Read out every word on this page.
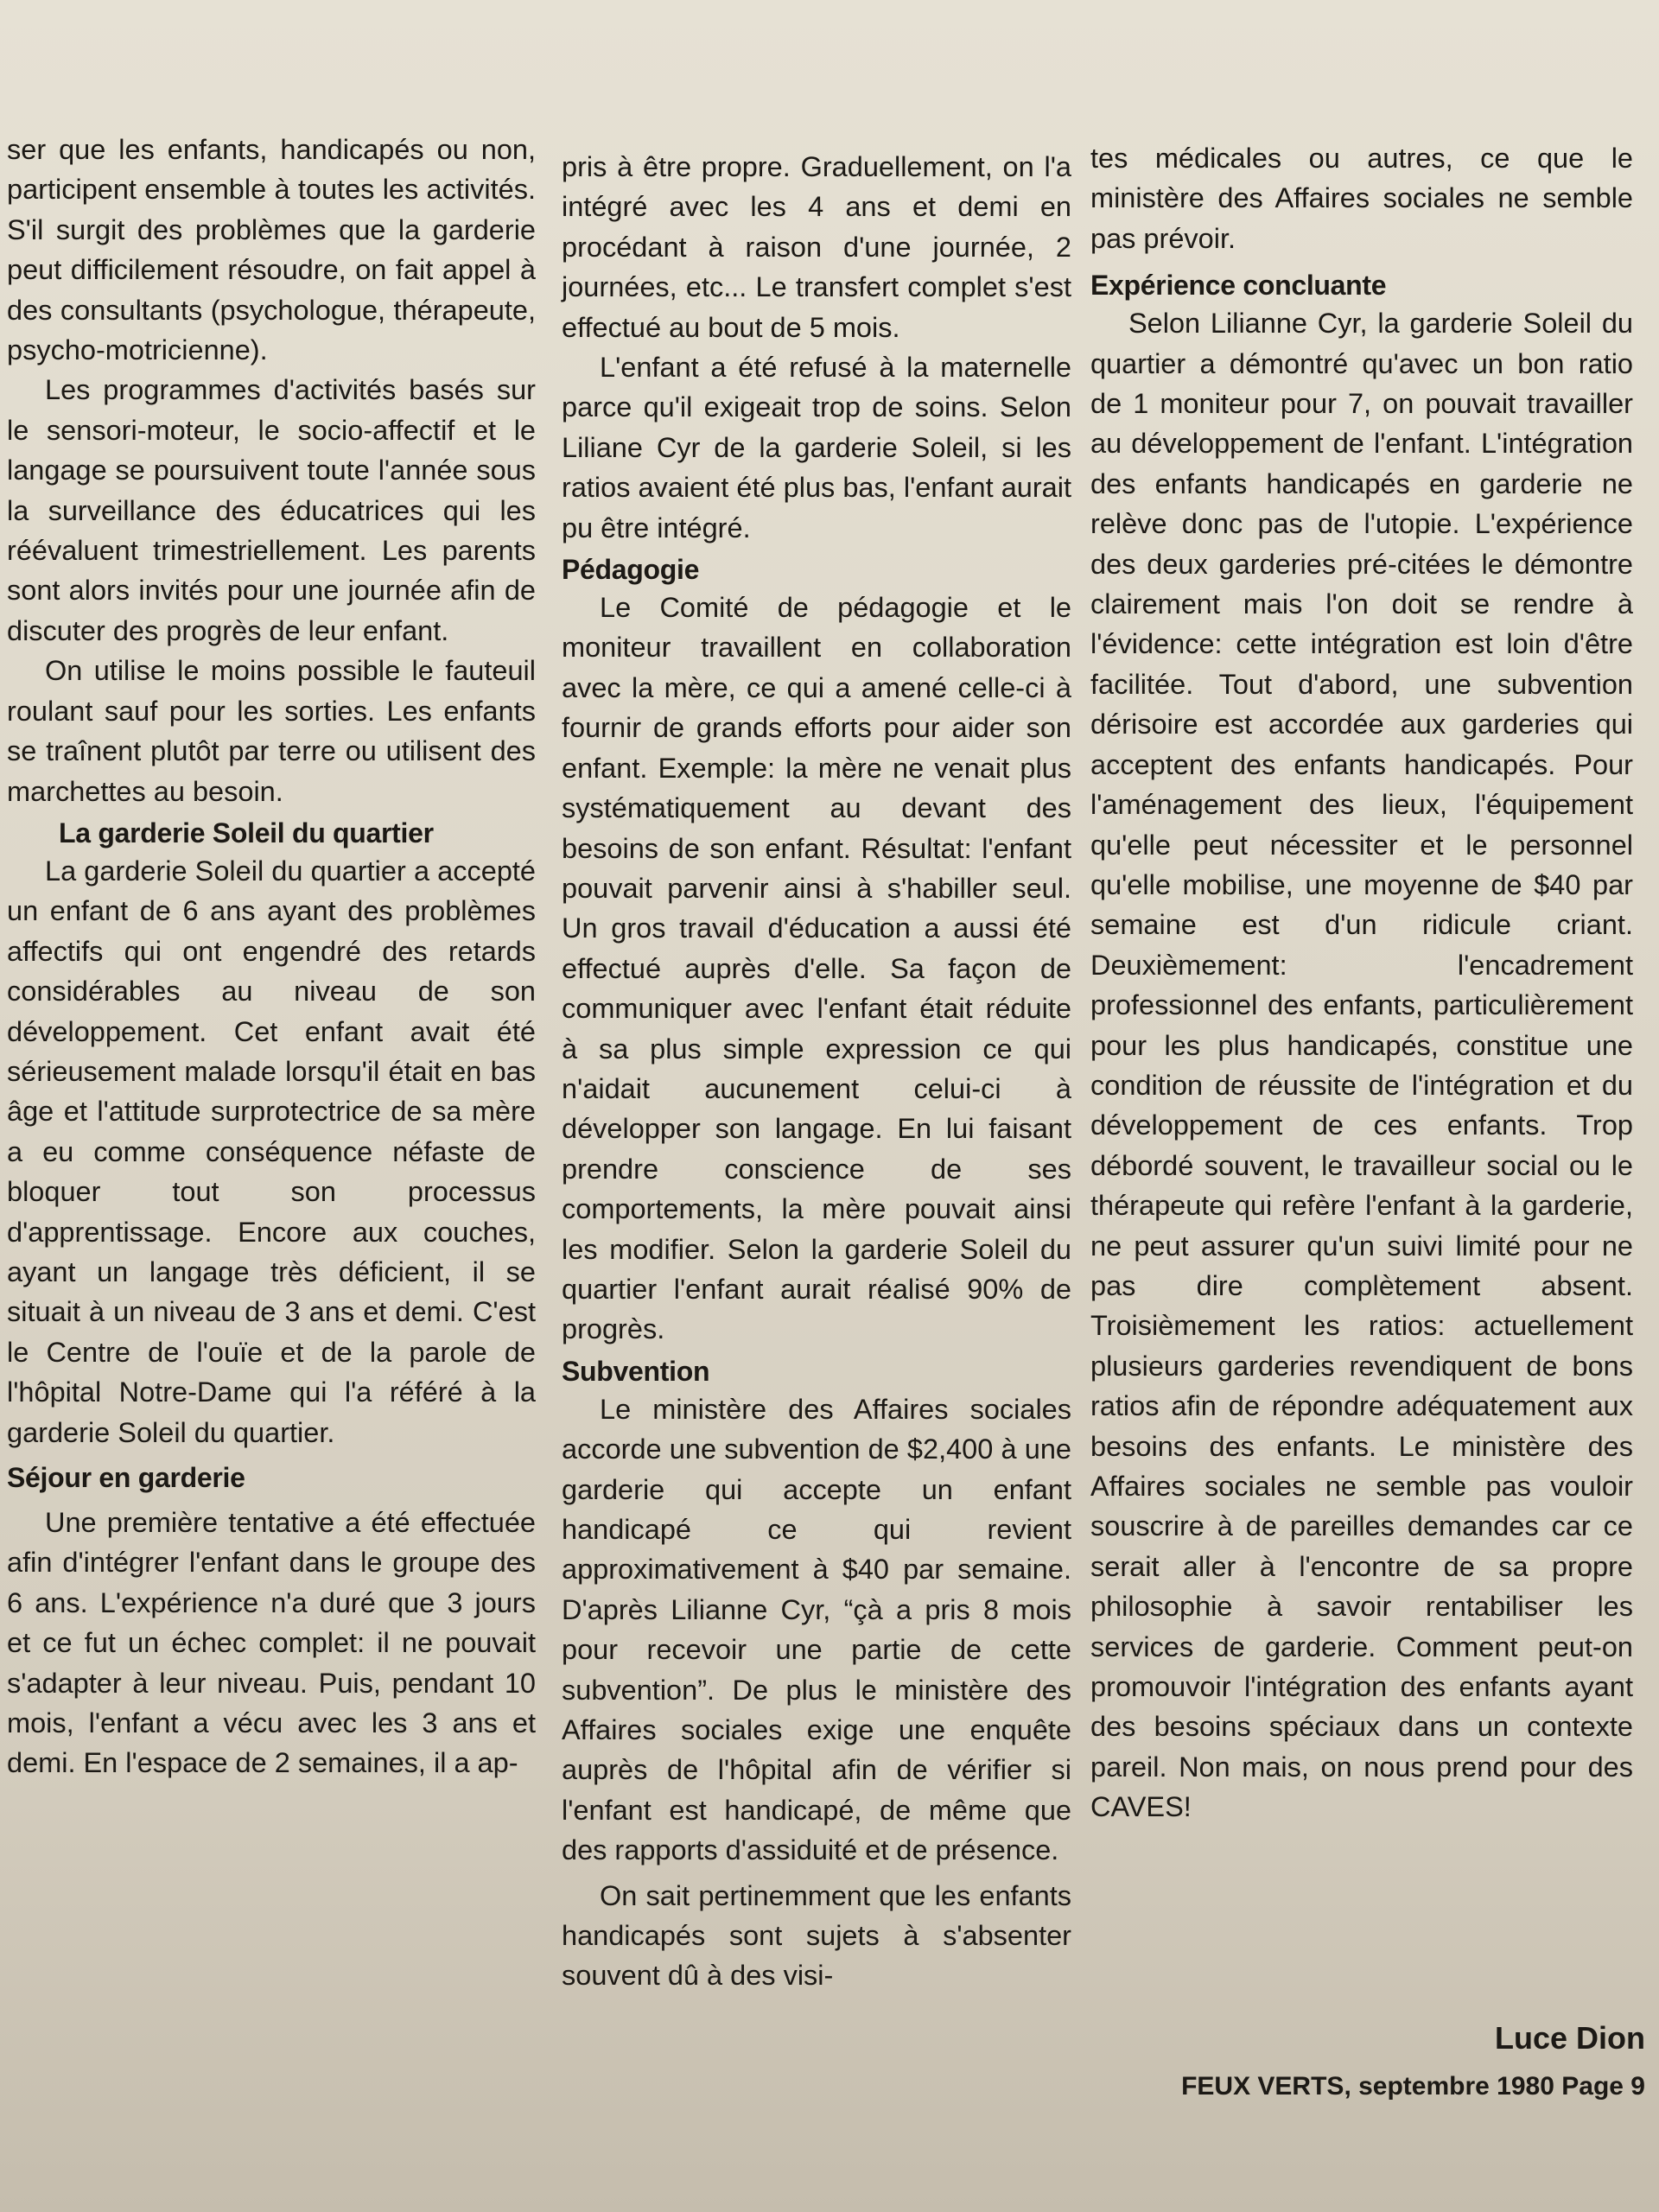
ser que les enfants, handicapés ou non, participent ensemble à toutes les activités. S'il surgit des problèmes que la garderie peut difficilement résoudre, on fait appel à des consultants (psychologue, thérapeute, psycho-motricienne).

Les programmes d'activités basés sur le sensori-moteur, le socio-affectif et le langage se poursuivent toute l'année sous la surveillance des éducatrices qui les réévaluent trimestriellement. Les parents sont alors invités pour une journée afin de discuter des progrès de leur enfant.

On utilise le moins possible le fauteuil roulant sauf pour les sorties. Les enfants se traînent plutôt par terre ou utilisent des marchettes au besoin.

La garderie Soleil du quartier

La garderie Soleil du quartier a accepté un enfant de 6 ans ayant des problèmes affectifs qui ont engendré des retards considérables au niveau de son développement. Cet enfant avait été sérieusement malade lorsqu'il était en bas âge et l'attitude surprotectrice de sa mère a eu comme conséquence néfaste de bloquer tout son processus d'apprentissage. Encore aux couches, ayant un langage très déficient, il se situait à un niveau de 3 ans et demi. C'est le Centre de l'ouïe et de la parole de l'hôpital Notre-Dame qui l'a référé à la garderie Soleil du quartier.

Séjour en garderie

Une première tentative a été effectuée afin d'intégrer l'enfant dans le groupe des 6 ans. L'expérience n'a duré que 3 jours et ce fut un échec complet: il ne pouvait s'adapter à leur niveau. Puis, pendant 10 mois, l'enfant a vécu avec les 3 ans et demi. En l'espace de 2 semaines, il a ap-

pris à être propre. Graduellement, on l'a intégré avec les 4 ans et demi en procédant à raison d'une journée, 2 journées, etc... Le transfert complet s'est effectué au bout de 5 mois.

L'enfant a été refusé à la maternelle parce qu'il exigeait trop de soins. Selon Liliane Cyr de la garderie Soleil, si les ratios avaient été plus bas, l'enfant aurait pu être intégré.

Pédagogie

Le Comité de pédagogie et le moniteur travaillent en collaboration avec la mère, ce qui a amené celle-ci à fournir de grands efforts pour aider son enfant. Exemple: la mère ne venait plus systématiquement au devant des besoins de son enfant. Résultat: l'enfant pouvait parvenir ainsi à s'habiller seul. Un gros travail d'éducation a aussi été effectué auprès d'elle. Sa façon de communiquer avec l'enfant était réduite à sa plus simple expression ce qui n'aidait aucunement celui-ci à développer son langage. En lui faisant prendre conscience de ses comportements, la mère pouvait ainsi les modifier. Selon la garderie Soleil du quartier l'enfant aurait réalisé 90% de progrès.

Subvention

Le ministère des Affaires sociales accorde une subvention de $2,400 à une garderie qui accepte un enfant handicapé ce qui revient approximativement à $40 par semaine. D'après Lilianne Cyr, “çà a pris 8 mois pour recevoir une partie de cette subvention”. De plus le ministère des Affaires sociales exige une enquête auprès de l'hôpital afin de vérifier si l'enfant est handicapé, de même que des rapports d'assiduité et de présence.

On sait pertinemment que les enfants handicapés sont sujets à s'absenter souvent dû à des visi-

tes médicales ou autres, ce que le ministère des Affaires sociales ne semble pas prévoir.

Expérience concluante

Selon Lilianne Cyr, la garderie Soleil du quartier a démontré qu'avec un bon ratio de 1 moniteur pour 7, on pouvait travailler au développement de l'enfant. L'intégration des enfants handicapés en garderie ne relève donc pas de l'utopie. L'expérience des deux garderies pré-citées le démontre clairement mais l'on doit se rendre à l'évidence: cette intégration est loin d'être facilitée. Tout d'abord, une subvention dérisoire est accordée aux garderies qui acceptent des enfants handicapés. Pour l'aménagement des lieux, l'équipement qu'elle peut nécessiter et le personnel qu'elle mobilise, une moyenne de $40 par semaine est d'un ridicule criant. Deuxièmement: l'encadrement professionnel des enfants, particulièrement pour les plus handicapés, constitue une condition de réussite de l'intégration et du développement de ces enfants. Trop débordé souvent, le travailleur social ou le thérapeute qui refère l'enfant à la garderie, ne peut assurer qu'un suivi limité pour ne pas dire complètement absent. Troisièmement les ratios: actuellement plusieurs garderies revendiquent de bons ratios afin de répondre adéquatement aux besoins des enfants. Le ministère des Affaires sociales ne semble pas vouloir souscrire à de pareilles demandes car ce serait aller à l'encontre de sa propre philosophie à savoir rentabiliser les services de garderie. Comment peut-on promouvoir l'intégration des enfants ayant des besoins spéciaux dans un contexte pareil. Non mais, on nous prend pour des CAVES!

Luce Dion
FEUX VERTS, septembre 1980 Page 9
